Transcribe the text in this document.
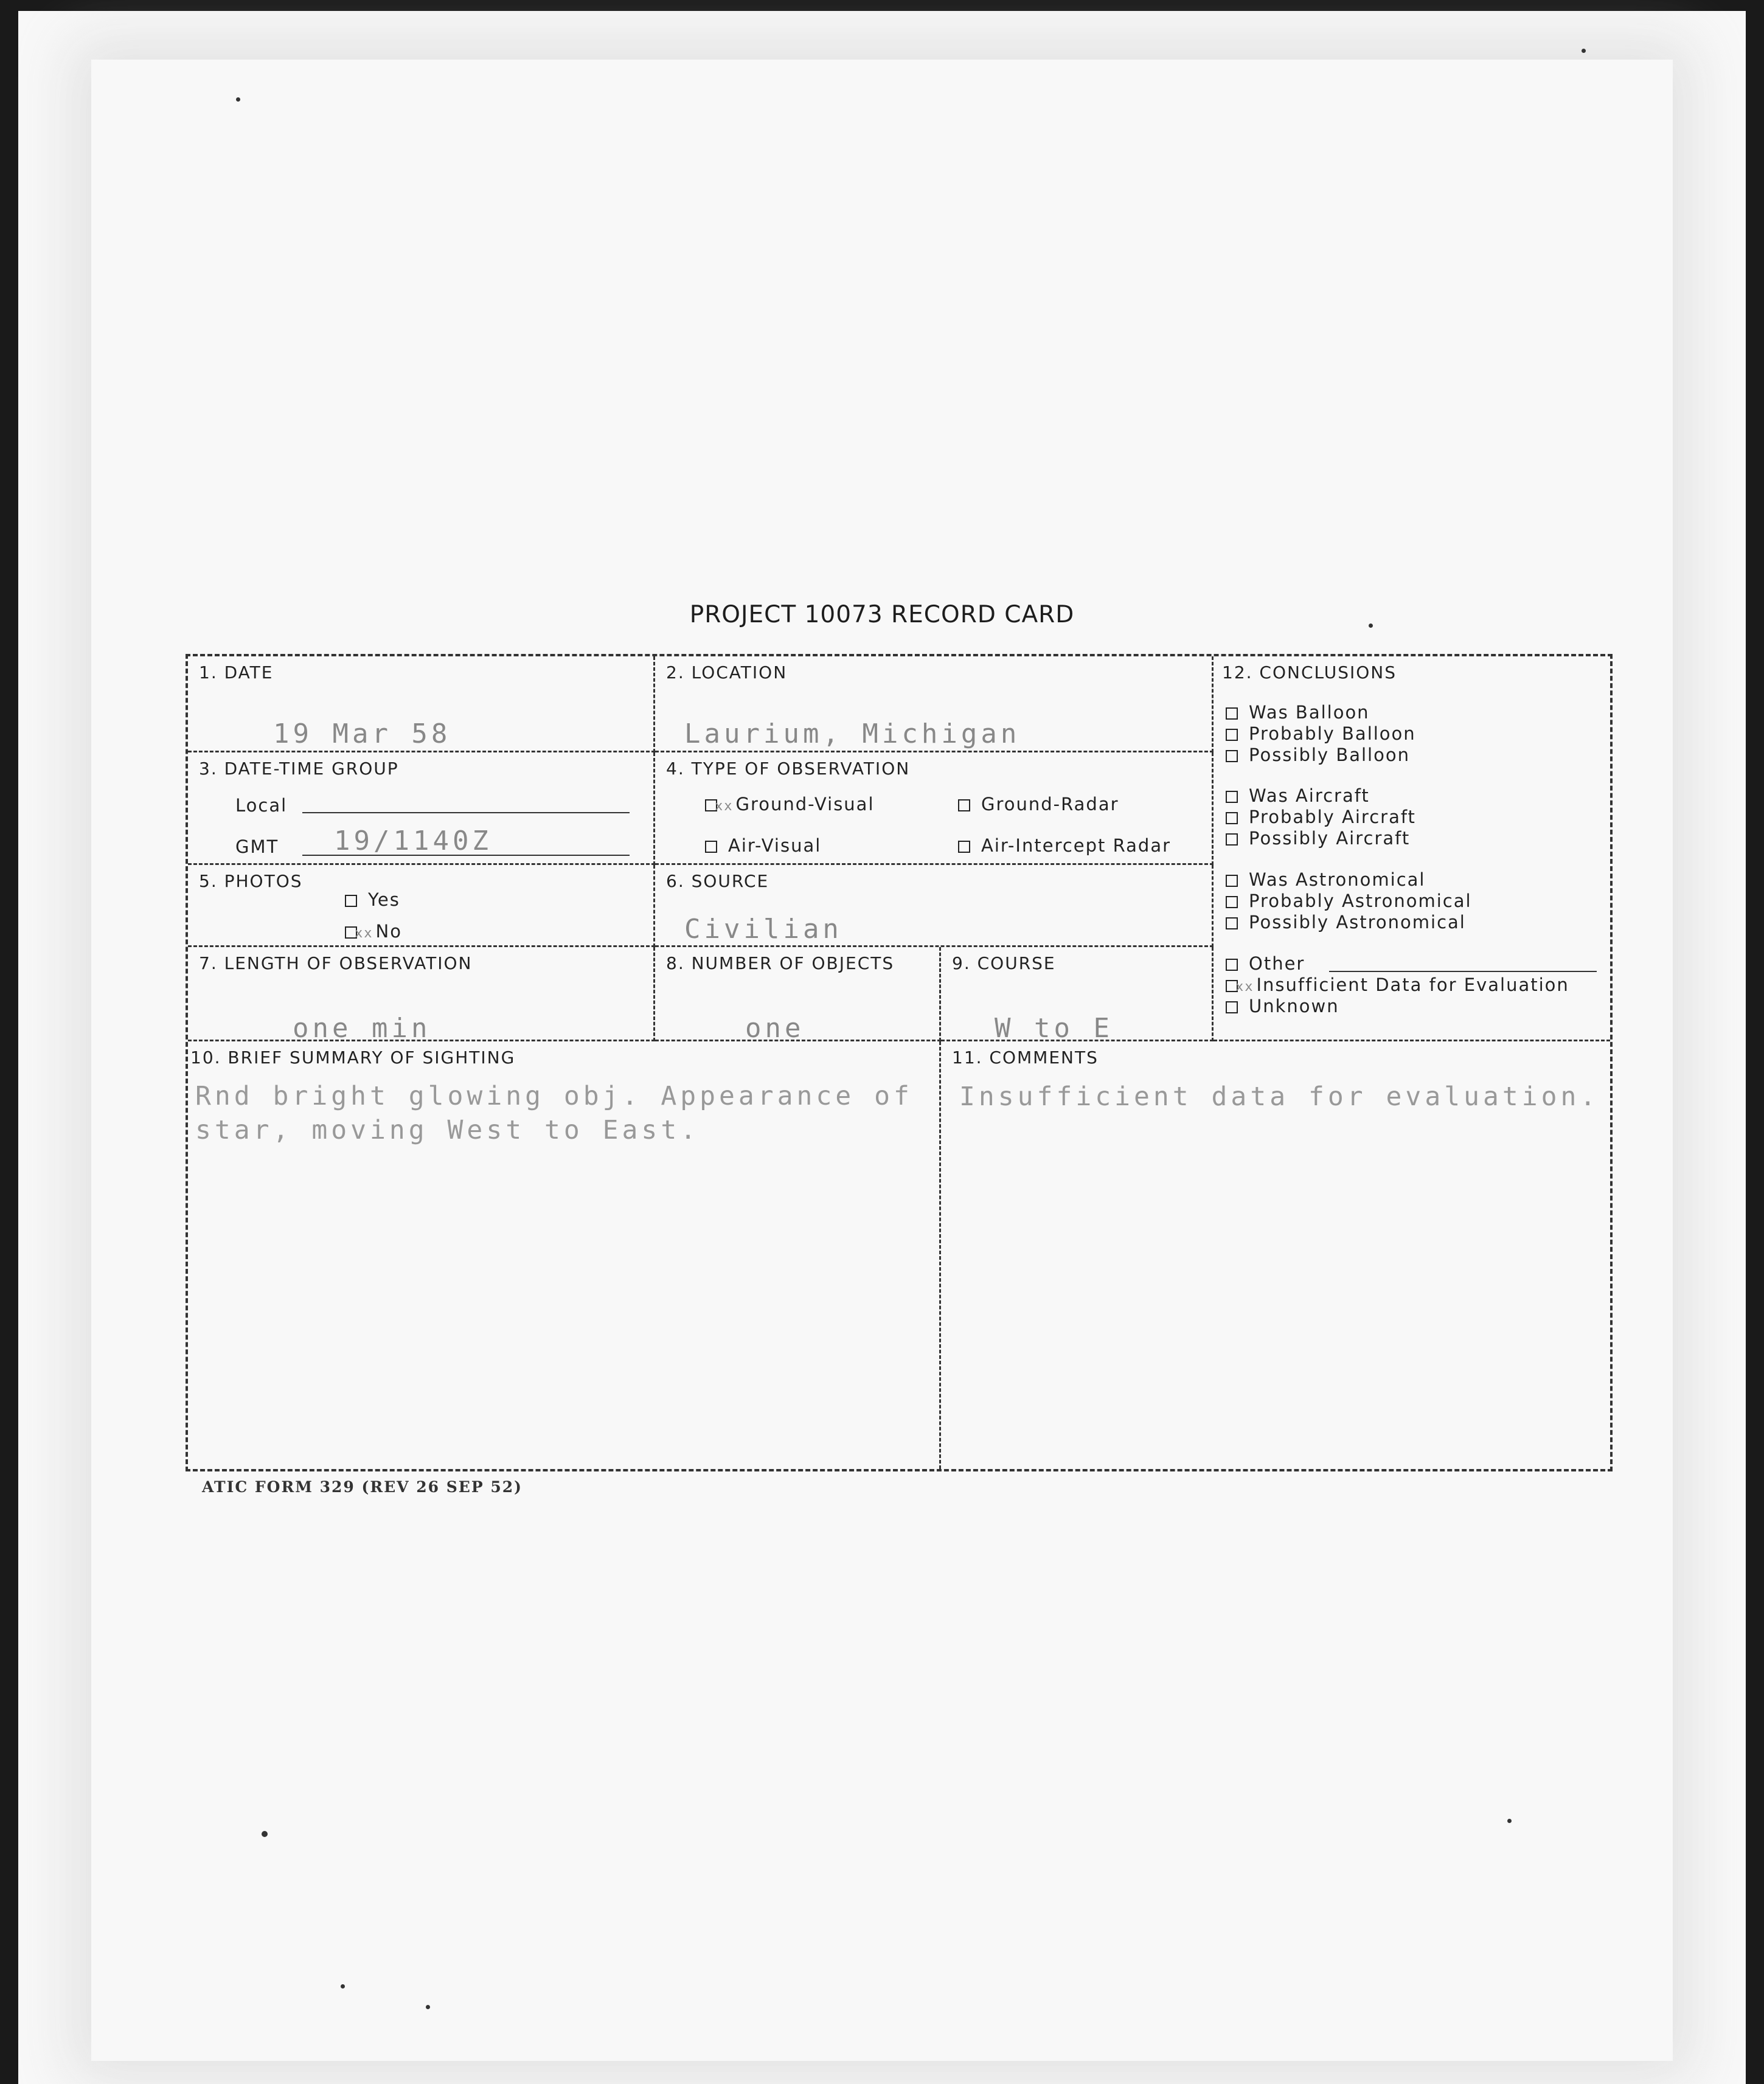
PROJECT 10073 RECORD CARD
1. DATE
19 Mar 58
2. LOCATION
Laurium, Michigan
3. DATE-TIME GROUP
Local
GMT 19/1140Z
4. TYPE OF OBSERVATION
xx Ground-Visual	Ground-Radar
Air-Visual	Air-Intercept Radar
5. PHOTOS
Yes
xx No
6. SOURCE
Civilian
7. LENGTH OF OBSERVATION
one min
8. NUMBER OF OBJECTS
one
9. COURSE
W to E
12. CONCLUSIONS
Was Balloon
Probably Balloon
Possibly Balloon
Was Aircraft
Probably Aircraft
Possibly Aircraft
Was Astronomical
Probably Astronomical
Possibly Astronomical
Other
xx Insufficient Data for Evaluation
Unknown
10. BRIEF SUMMARY OF SIGHTING
Rnd bright glowing obj. Appearance of
star, moving West to East.
11. COMMENTS
Insufficient data for evaluation.
ATIC FORM 329 (REV 26 SEP 52)
